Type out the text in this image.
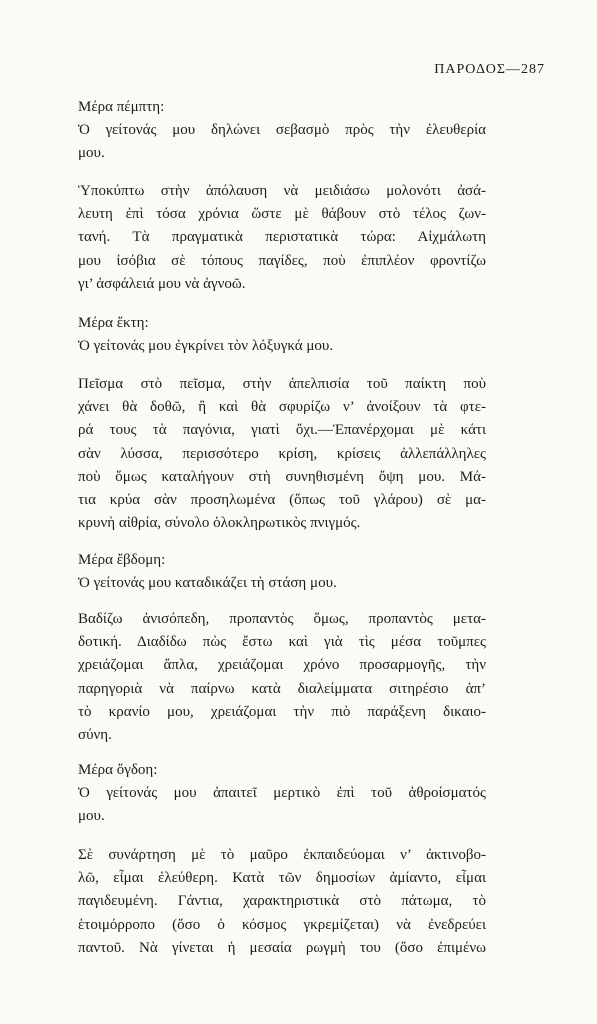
ΠΑΡΟΔΟΣ—287
Μέρα πέμπτη:
Ὁ γείτονάς μου δηλώνει σεβασμὸ πρὸς τὴν ἐλευθερία
μου.
Ὑποκύπτω στὴν ἀπόλαυση νὰ μειδιάσω μολονότι ἀσά-
λευτη ἐπὶ τόσα χρόνια ὥστε μὲ θάβουν στὸ τέλος ζων-
τανή. Τὰ πραγματικὰ περιστατικὰ τώρα: Αἰχμάλωτη
μου ἰσόβια σὲ τόπους παγίδες, ποὺ ἐπιπλέον φροντίζω
γι’ ἀσφάλειά μου νὰ ἀγνοῶ.
Μέρα ἕκτη:
Ὁ γείτονάς μου ἐγκρίνει τὸν λόξυγκά μου.
Πεῖσμα στὸ πεῖσμα, στὴν ἀπελπισία τοῦ παίκτη ποὺ
χάνει θὰ δοθῶ, ἢ καὶ θὰ σφυρίζω ν’ ἀνοίξουν τὰ φτε-
ρά τους τὰ παγόνια, γιατὶ ὄχι.—Ἐπανέρχομαι μὲ κάτι
σὰν λύσσα, περισσότερο κρίση, κρίσεις ἀλλεπάλληλες
ποὺ ὅμως καταλήγουν στὴ συνηθισμένη ὄψη μου. Μά-
τια κρύα σὰν προσηλωμένα (ὅπως τοῦ γλάρου) σὲ μα-
κρυνὴ αἰθρία, σύνολο ὁλοκληρωτικὸς πνιγμός.
Μέρα ἔβδομη:
Ὁ γείτονάς μου καταδικάζει τὴ στάση μου.
Βαδίζω ἀνισόπεδη, προπαντὸς ὅμως, προπαντὸς μετα-
δοτική. Διαδίδω πὼς ἔστω καὶ γιὰ τὶς μέσα τοῦμπες
χρειάζομαι ἄπλα, χρειάζομαι χρόνο προσαρμογῆς, τὴν
παρηγοριὰ νὰ παίρνω κατὰ διαλείμματα σιτηρέσιο ἀπ’
τὸ κρανίο μου, χρειάζομαι τὴν πιὸ παράξενη δικαιο-
σύνη.
Μέρα ὄγδοη:
Ὁ γείτονάς μου ἀπαιτεῖ μερτικὸ ἐπὶ τοῦ ἀθροίσματός
μου.
Σὲ συνάρτηση μὲ τὸ μαῦρο ἐκπαιδεύομαι ν’ ἀκτινοβο-
λῶ, εἶμαι ἐλεύθερη. Κατὰ τῶν δημοσίων ἀμίαντο, εἶμαι
παγιδευμένη. Γάντια, χαρακτηριστικὰ στὸ πάτωμα, τὸ
ἑτοιμόρροπο (ὅσο ὁ κόσμος γκρεμίζεται) νὰ ἐνεδρεύει
παντοῦ. Νὰ γίνεται ἡ μεσαία ρωγμὴ του (ὅσο ἐπιμένω
